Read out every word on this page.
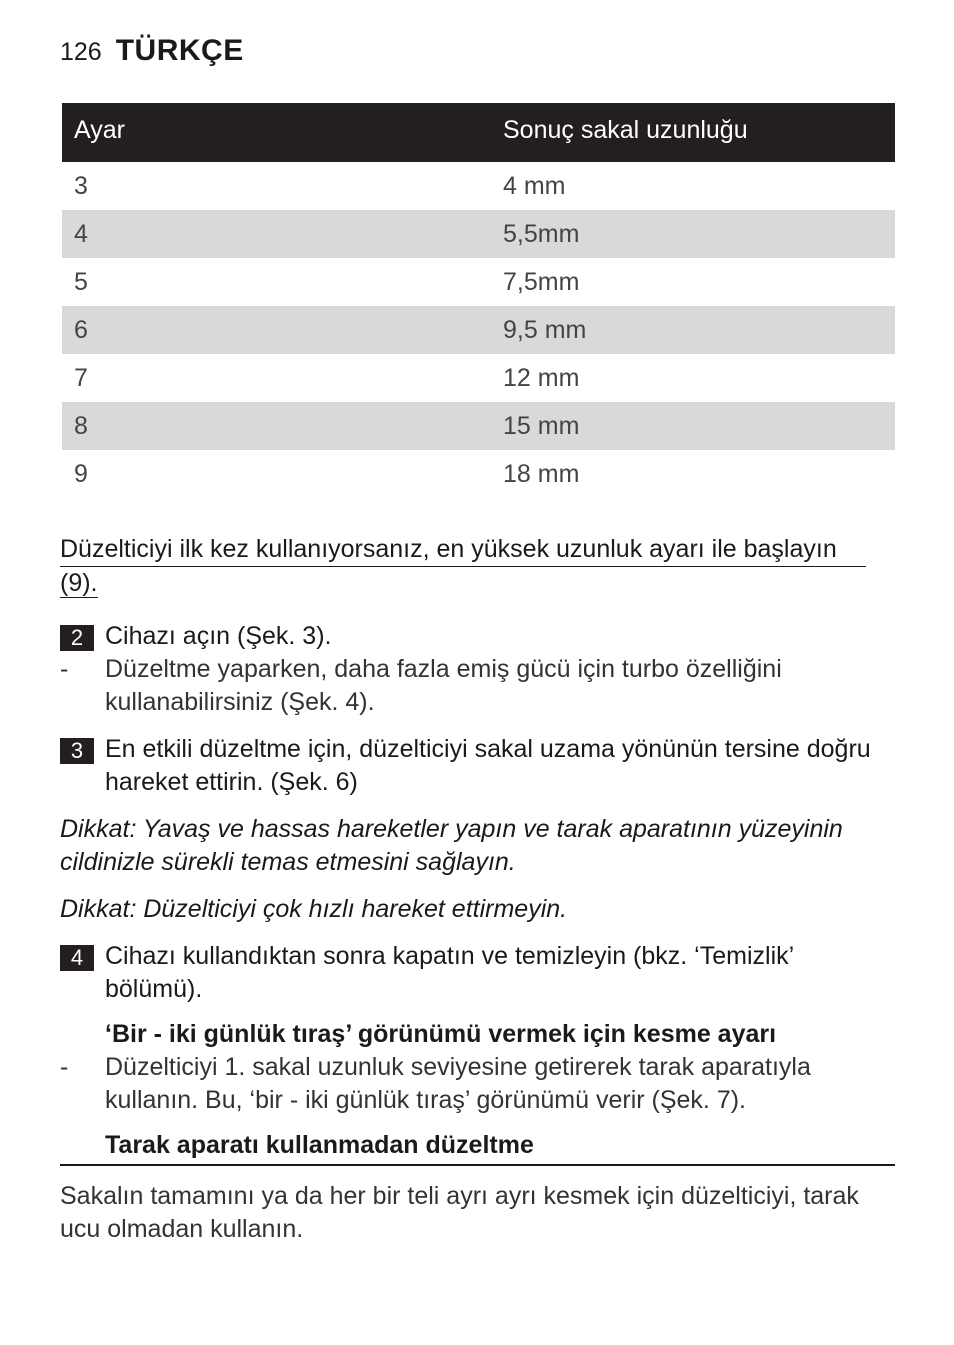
126 TÜRKÇE
Ayar	Sonuç sakal uzunluğu
3	4 mm
4	5,5mm
5	7,5mm
6	9,5 mm
7	12 mm
8	15 mm
9	18 mm
Düzelticiyi ilk kez kullanıyorsanız, en yüksek uzunluk ayarı ile başlayın
(9).
2 Cihazı açın (Şek. 3).
- Düzeltme yaparken, daha fazla emiş gücü için turbo özelliğini kullanabilirsiniz (Şek. 4).
3 En etkili düzeltme için, düzelticiyi sakal uzama yönünün tersine doğru hareket ettirin. (Şek. 6)
Dikkat: Yavaş ve hassas hareketler yapın ve tarak aparatının yüzeyinin cildinizle sürekli temas etmesini sağlayın.
Dikkat: Düzelticiyi çok hızlı hareket ettirmeyin.
4 Cihazı kullandıktan sonra kapatın ve temizleyin (bkz. ‘Temizlik’ bölümü).
‘Bir - iki günlük tıraş’ görünümü vermek için kesme ayarı
- Düzelticiyi 1. sakal uzunluk seviyesine getirerek tarak aparatıyla kullanın. Bu, ‘bir - iki günlük tıraş’ görünümü verir (Şek. 7).
Tarak aparatı kullanmadan düzeltme
Sakalın tamamını ya da her bir teli ayrı ayrı kesmek için düzelticiyi, tarak ucu olmadan kullanın.
